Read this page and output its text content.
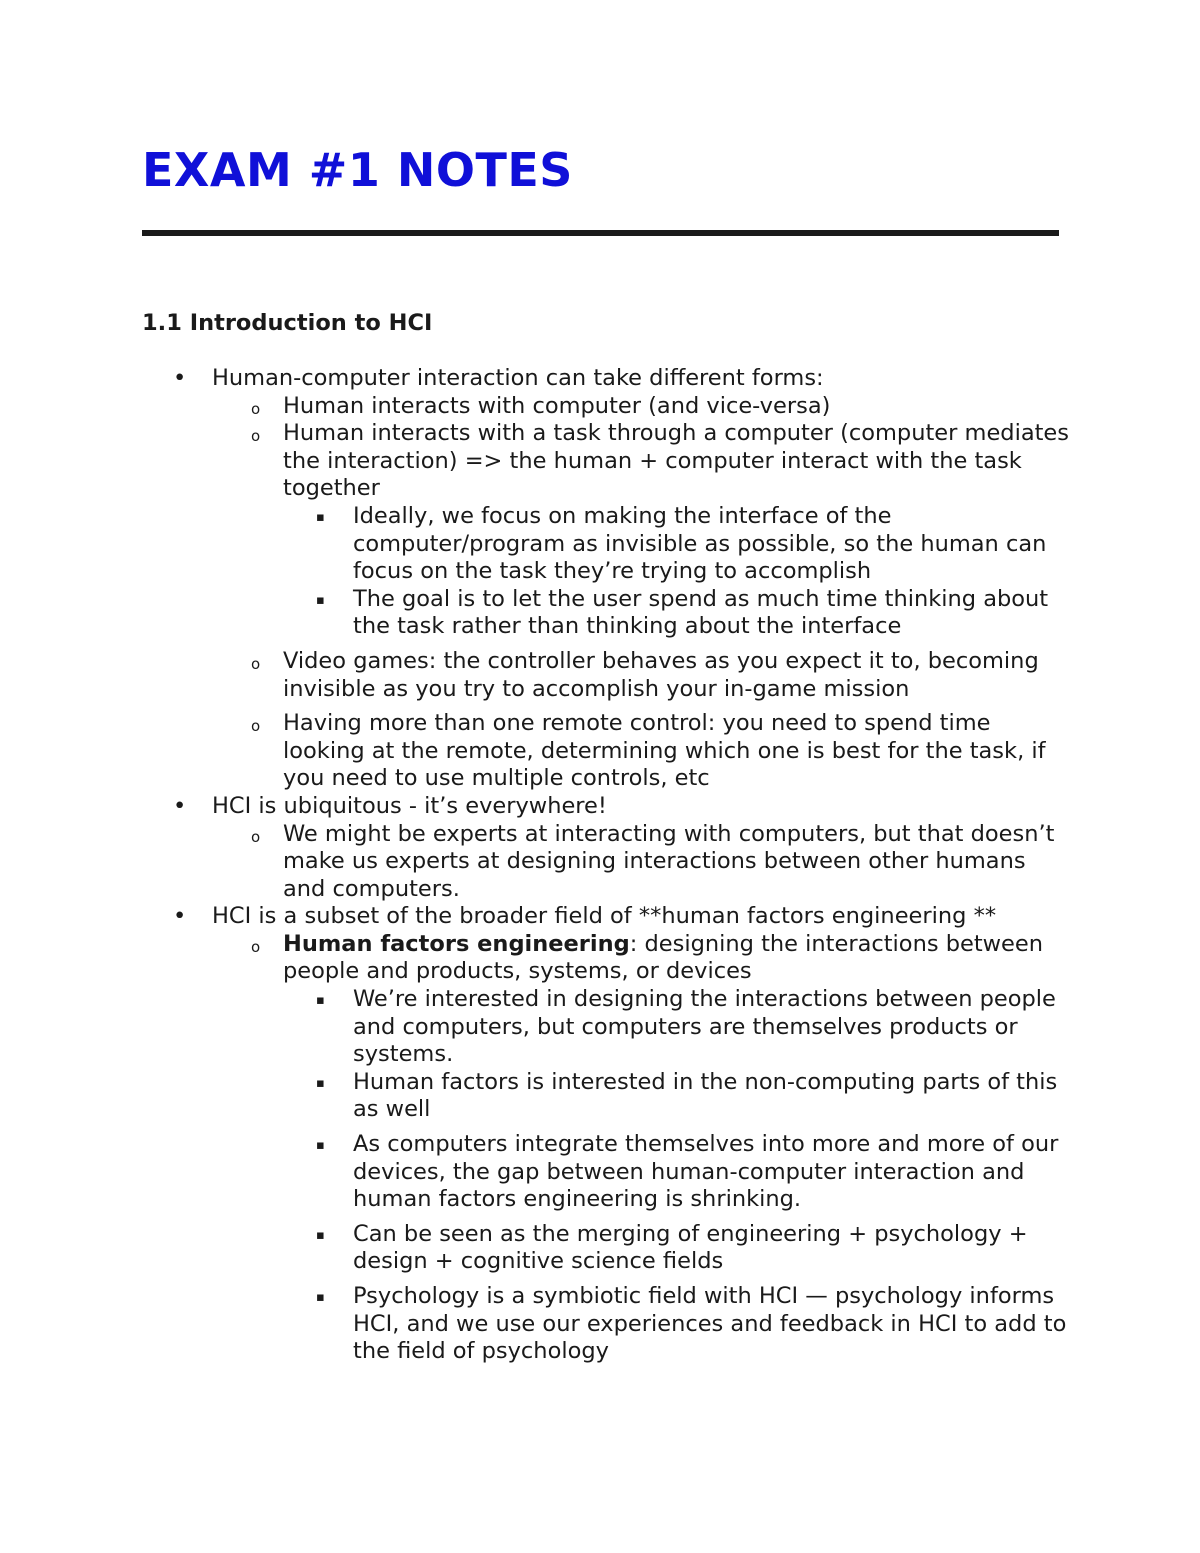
EXAM #1 NOTES
1.1 Introduction to HCI
• Human-computer interaction can take different forms:
o Human interacts with computer (and vice-versa)
o Human interacts with a task through a computer (computer mediates the interaction) => the human + computer interact with the task together
▪ Ideally, we focus on making the interface of the computer/program as invisible as possible, so the human can focus on the task they’re trying to accomplish
▪ The goal is to let the user spend as much time thinking about the task rather than thinking about the interface
o Video games: the controller behaves as you expect it to, becoming invisible as you try to accomplish your in-game mission
o Having more than one remote control: you need to spend time looking at the remote, determining which one is best for the task, if you need to use multiple controls, etc
• HCI is ubiquitous - it’s everywhere!
o We might be experts at interacting with computers, but that doesn’t make us experts at designing interactions between other humans and computers.
• HCI is a subset of the broader field of **human factors engineering **
o Human factors engineering: designing the interactions between people and products, systems, or devices
▪ We’re interested in designing the interactions between people and computers, but computers are themselves products or systems.
▪ Human factors is interested in the non-computing parts of this as well
▪ As computers integrate themselves into more and more of our devices, the gap between human-computer interaction and human factors engineering is shrinking.
▪ Can be seen as the merging of engineering + psychology + design + cognitive science fields
▪ Psychology is a symbiotic field with HCI — psychology informs HCI, and we use our experiences and feedback in HCI to add to the field of psychology
